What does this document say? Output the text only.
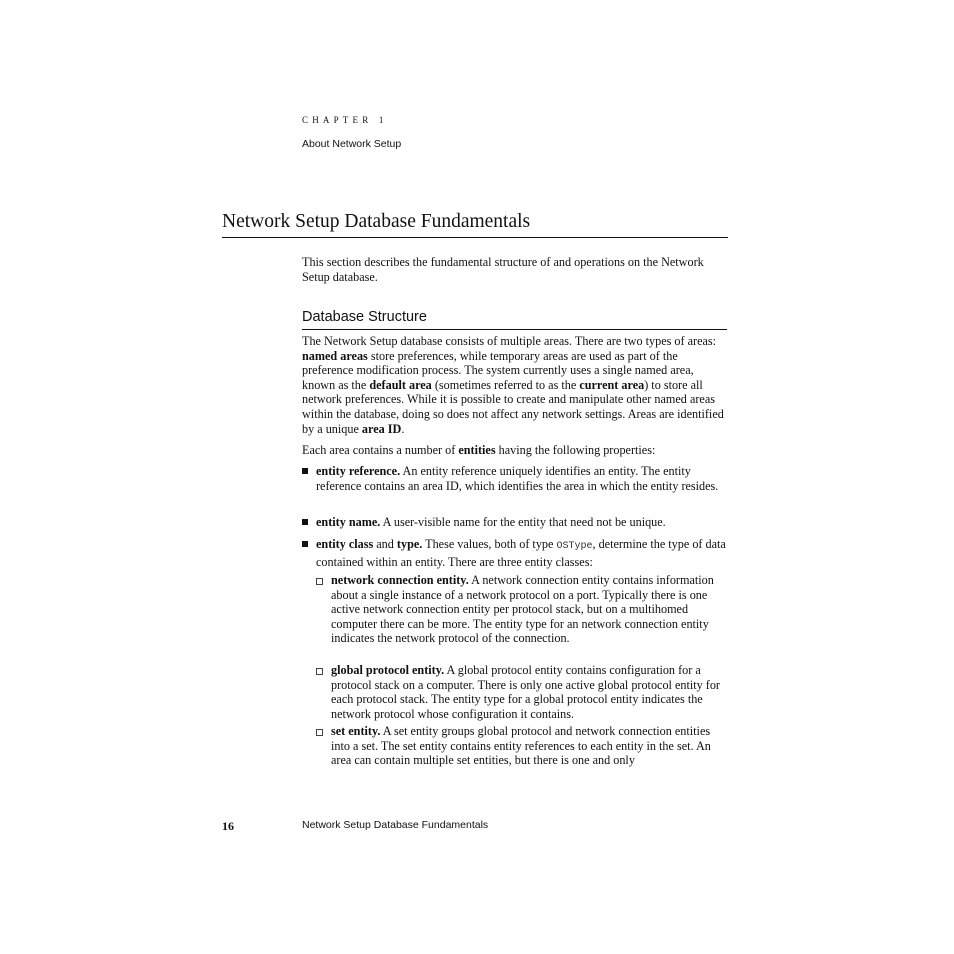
CHAPTER 1
About Network Setup
Network Setup Database Fundamentals
This section describes the fundamental structure of and operations on the Network Setup database.
Database Structure
The Network Setup database consists of multiple areas. There are two types of areas: named areas store preferences, while temporary areas are used as part of the preference modification process. The system currently uses a single named area, known as the default area (sometimes referred to as the current area) to store all network preferences. While it is possible to create and manipulate other named areas within the database, doing so does not affect any network settings. Areas are identified by a unique area ID.
Each area contains a number of entities having the following properties:
entity reference. An entity reference uniquely identifies an entity. The entity reference contains an area ID, which identifies the area in which the entity resides.
entity name. A user-visible name for the entity that need not be unique.
entity class and type. These values, both of type OSType, determine the type of data contained within an entity. There are three entity classes:
network connection entity. A network connection entity contains information about a single instance of a network protocol on a port. Typically there is one active network connection entity per protocol stack, but on a multihomed computer there can be more. The entity type for an network connection entity indicates the network protocol of the connection.
global protocol entity. A global protocol entity contains configuration for a protocol stack on a computer. There is only one active global protocol entity for each protocol stack. The entity type for a global protocol entity indicates the network protocol whose configuration it contains.
set entity. A set entity groups global protocol and network connection entities into a set. The set entity contains entity references to each entity in the set. An area can contain multiple set entities, but there is one and only
16	Network Setup Database Fundamentals
